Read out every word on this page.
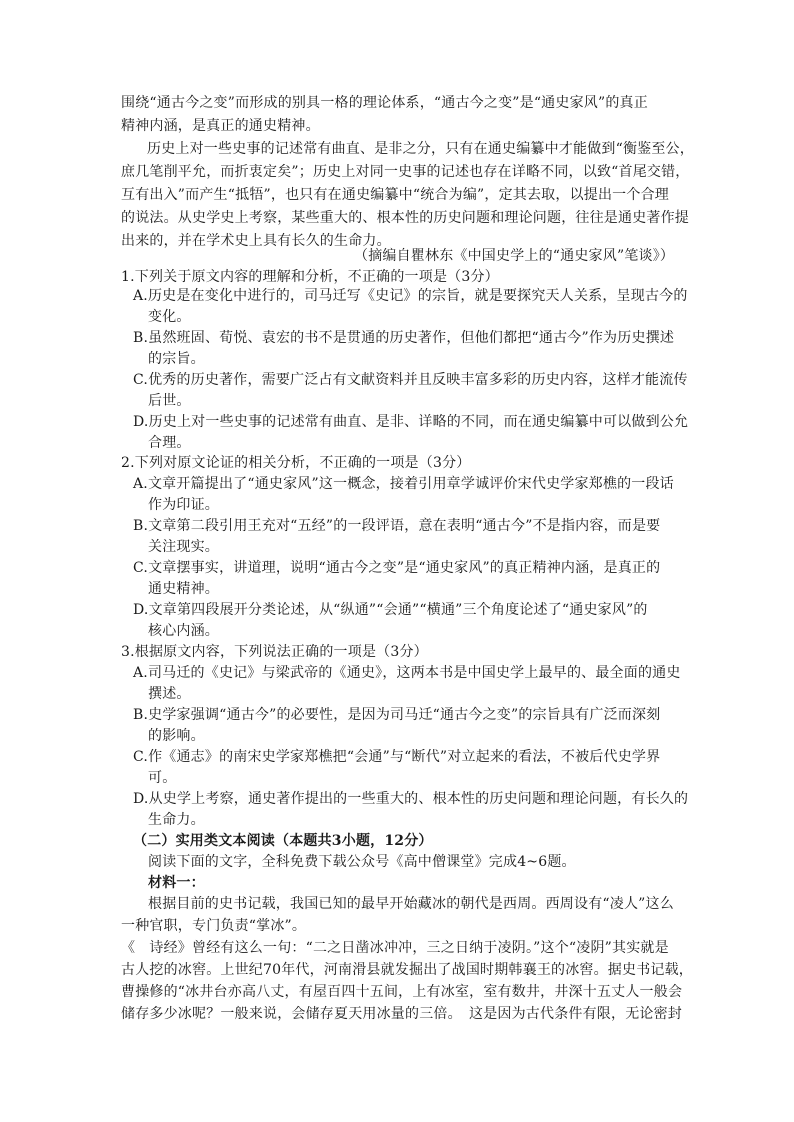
围绕“通古今之变”而形成的别具一格的理论体系，“通古今之变”是“通史家风”的真正
精神内涵，是真正的通史精神。
历史上对一些史事的记述常有曲直、是非之分，只有在通史编纂中才能做到“衡鉴至公，
庶几笔削平允，而折衷定矣”；历史上对同一史事的记述也存在详略不同，以致“首尾交错，
互有出入”而产生“抵牾”，也只有在通史编纂中“统合为编”，定其去取，以提出一个合理
的说法。从史学史上考察，某些重大的、根本性的历史问题和理论问题，往往是通史著作提
出来的，并在学术史上具有长久的生命力。
（摘编自瞿林东《中国史学上的“通史家风”笔谈》）
1.下列关于原文内容的理解和分析，不正确的一项是（3分）
A.历史是在变化中进行的，司马迁写《史记》的宗旨，就是要探究天人关系，呈现古今的
变化。
B.虽然班固、荀悦、袁宏的书不是贯通的历史著作，但他们都把“通古今”作为历史撰述
的宗旨。
C.优秀的历史著作，需要广泛占有文献资料并且反映丰富多彩的历史内容，这样才能流传
后世。
D.历史上对一些史事的记述常有曲直、是非、详略的不同，而在通史编纂中可以做到公允
合理。
2.下列对原文论证的相关分析，不正确的一项是（3分）
A.文章开篇提出了“通史家风”这一概念，接着引用章学诚评价宋代史学家郑樵的一段话
作为印证。
B.文章第二段引用王充对“五经”的一段评语，意在表明“通古今”不是指内容，而是要
关注现实。
C.文章摆事实，讲道理，说明“通古今之变”是“通史家风”的真正精神内涵，是真正的
通史精神。
D.文章第四段展开分类论述，从“纵通”“会通”“横通”三个角度论述了“通史家风”的
核心内涵。
3.根据原文内容，下列说法正确的一项是（3分）
A.司马迁的《史记》与梁武帝的《通史》，这两本书是中国史学上最早的、最全面的通史
撰述。
B.史学家强调“通古今”的必要性，是因为司马迁“通古今之变”的宗旨具有广泛而深刻
的影响。
C.作《通志》的南宋史学家郑樵把“会通”与“断代”对立起来的看法，不被后代史学界
可。
D.从史学上考察，通史著作提出的一些重大的、根本性的历史问题和理论问题，有长久的
生命力。
（二）实用类文本阅读（本题共3小题，12分）
阅读下面的文字，全科免费下载公众号《高中僧课堂》完成4~6题。
材料一：
根据目前的史书记载，我国已知的最早开始藏冰的朝代是西周。西周设有“凌人”这么
一种官职，专门负责“掌冰”。
《　诗经》曾经有这么一句：“二之日凿冰冲冲，三之日纳于凌阴。”这个“凌阴”其实就是
古人挖的冰窖。上世纪70年代，河南滑县就发掘出了战国时期韩襄王的冰窖。据史书记载，
曹操修的“冰井台亦高八丈，有屋百四十五间，上有冰室，室有数井，井深十五丈人一般会
储存多少冰呢？一般来说，会储存夏天用冰量的三倍。　这是因为古代条件有限，无论密封
